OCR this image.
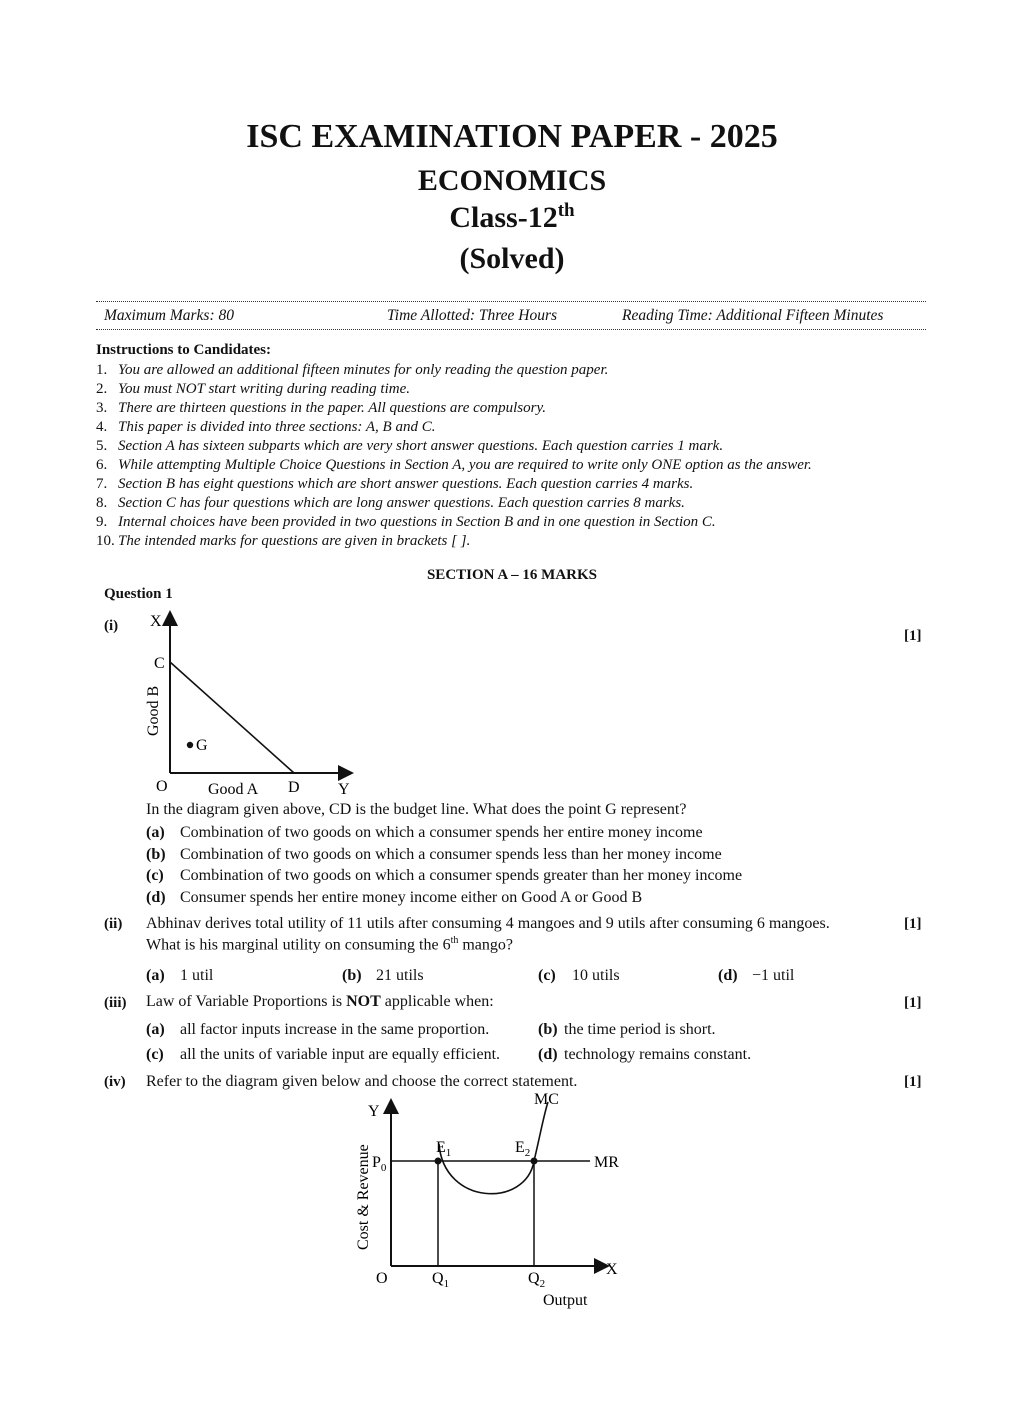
ISC EXAMINATION PAPER - 2025
ECONOMICS
Class-12th
(Solved)
Maximum Marks: 80	Time Allotted: Three Hours	Reading Time: Additional Fifteen Minutes
Instructions to Candidates:
1. You are allowed an additional fifteen minutes for only reading the question paper.
2. You must NOT start writing during reading time.
3. There are thirteen questions in the paper. All questions are compulsory.
4. This paper is divided into three sections: A, B and C.
5. Section A has sixteen subparts which are very short answer questions. Each question carries 1 mark.
6. While attempting Multiple Choice Questions in Section A, you are required to write only ONE option as the answer.
7. Section B has eight questions which are short answer questions. Each question carries 4 marks.
8. Section C has four questions which are long answer questions. Each question carries 8 marks.
9. Internal choices have been provided in two questions in Section B and in one question in Section C.
10. The intended marks for questions are given in brackets [ ].
SECTION A – 16 MARKS
Question 1
(i)
[1]
X
C
G
O	D Y
Good A
Good B
In the diagram given above, CD is the budget line. What does the point G represent?
(a) Combination of two goods on which a consumer spends her entire money income
(b) Combination of two goods on which a consumer spends less than her money income
(c) Combination of two goods on which a consumer spends greater than her money income
(d) Consumer spends her entire money income either on Good A or Good B
(ii)	[1]
Abhinav derives total utility of 11 utils after consuming 4 mangoes and 9 utils after consuming 6 mangoes.
What is his marginal utility on consuming the 6th mango?
(a) 1 util	(b) 21 utils	(c) 10 utils	(d) −1 util
(iii)	[1]
Law of Variable Proportions is NOT applicable when:
(a) all factor inputs increase in the same proportion.	(b) the time period is short.
(c) all the units of variable input are equally efficient. (d) technology remains constant.
(iv)	[1]
Refer to the diagram given below and choose the correct statement.
Y
MC
MR
X
O
$P_0$
$E_1$	$E_2$
$Q_1$	$Q_2$
Output
Cost & Revenue
